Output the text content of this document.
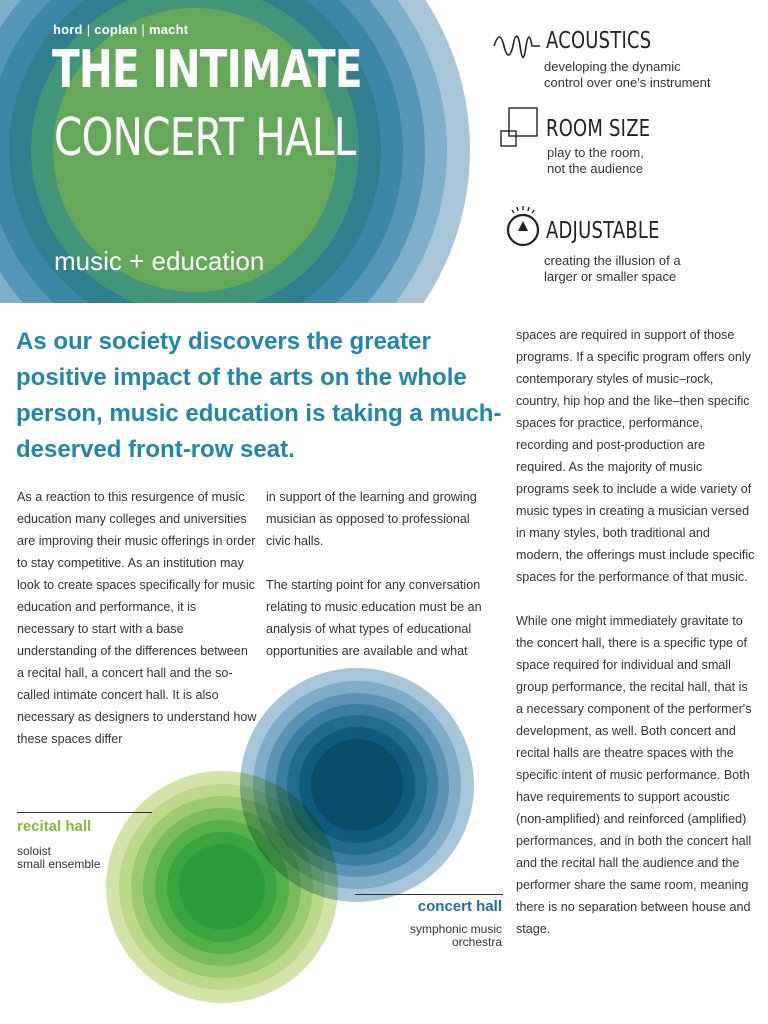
hord | coplan | macht
THE INTIMATE
CONCERT HALL
music + education
ACOUSTICS
developing the dynamic
control over one's instrument
ROOM SIZE
play to the room,
not the audience
ADJUSTABLE
creating the illusion of a
larger or smaller space
As our society discovers the greater positive impact of the arts on the whole person, music education is taking a much-deserved front-row seat.

As a reaction to this resurgence of music education many colleges and universities are improving their music offerings in order to stay competitive. As an institution may look to create spaces specifically for music education and performance, it is necessary to start with a base understanding of the differences between a recital hall, a concert hall and the so-called intimate concert hall. It is also necessary as designers to understand how these spaces differ

in support of the learning and growing musician as opposed to professional civic halls.

The starting point for any conversation relating to music education must be an analysis of what types of educational opportunities are available and what

spaces are required in support of those programs. If a specific program offers only contemporary styles of music–rock, country, hip hop and the like–then specific spaces for practice, performance, recording and post-production are required. As the majority of music programs seek to include a wide variety of music types in creating a musician versed in many styles, both traditional and modern, the offerings must include specific spaces for the performance of that music.

While one might immediately gravitate to the concert hall, there is a specific type of space required for individual and small group performance, the recital hall, that is a necessary component of the performer's development, as well. Both concert and recital halls are theatre spaces with the specific intent of music performance. Both have requirements to support acoustic (non-amplified) and reinforced (amplified) performances, and in both the concert hall and the recital hall the audience and the performer share the same room, meaning there is no separation between house and stage.

recital hall
soloist
small ensemble
concert hall
symphonic music
orchestra
